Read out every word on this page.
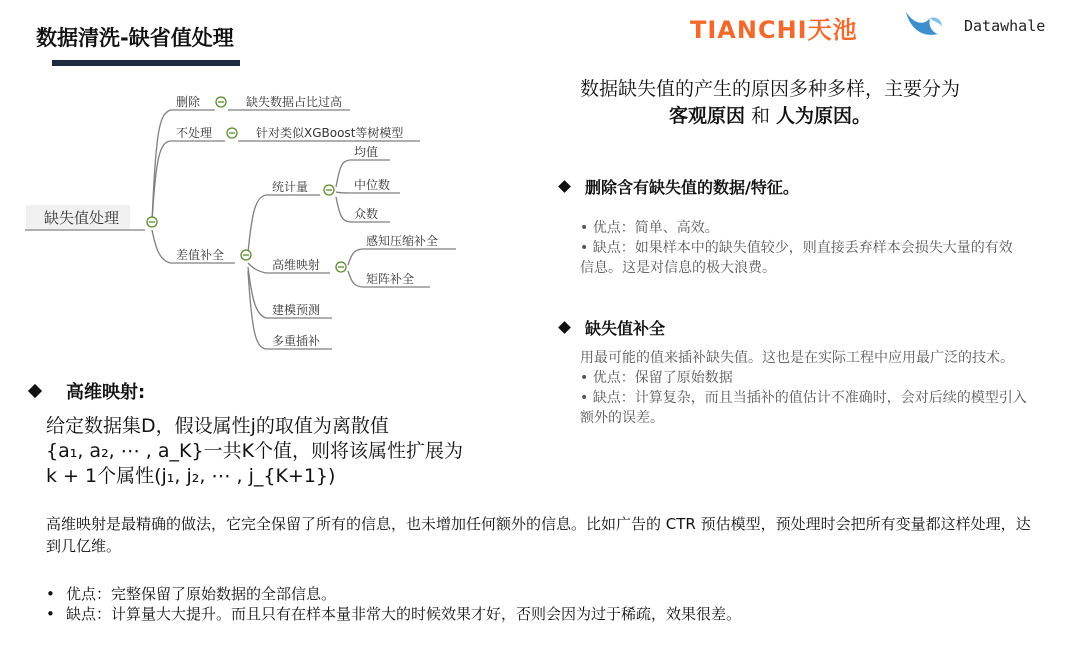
数据清洗-缺省值处理	TIANCHI天池	Datawhale
缺失值处理
删除	缺失数据占比过高
不处理	针对类似XGBoost等树模型
差值补全
统计量
均值
中位数
众数
高维映射
感知压缩补全
矩阵补全
建模预测
多重插补
数据缺失值的产生的原因多种多样，主要分为
客观原因 和 人为原因。
删除含有缺失值的数据/特征。
• 优点：简单、高效。
• 缺点：如果样本中的缺失值较少，则直接丢弃样本会损失大量的有效信息。这是对信息的极大浪费。
缺失值补全
用最可能的值来插补缺失值。这也是在实际工程中应用最广泛的技术。
• 优点：保留了原始数据
• 缺点：计算复杂，而且当插补的值估计不准确时，会对后续的模型引入额外的误差。
高维映射:
给定数据集D，假设属性j的取值为离散值
{a₁, a₂, ⋯ , a_K}一共K个值，则将该属性扩展为
k + 1个属性(j₁, j₂, ⋯ , j_{K+1})
高维映射是最精确的做法，它完全保留了所有的信息，也未增加任何额外的信息。比如广告的 CTR 预估模型，预处理时会把所有变量都这样处理，达到几亿维。
• 优点：完整保留了原始数据的全部信息。
• 缺点：计算量大大提升。而且只有在样本量非常大的时候效果才好，否则会因为过于稀疏，效果很差。
